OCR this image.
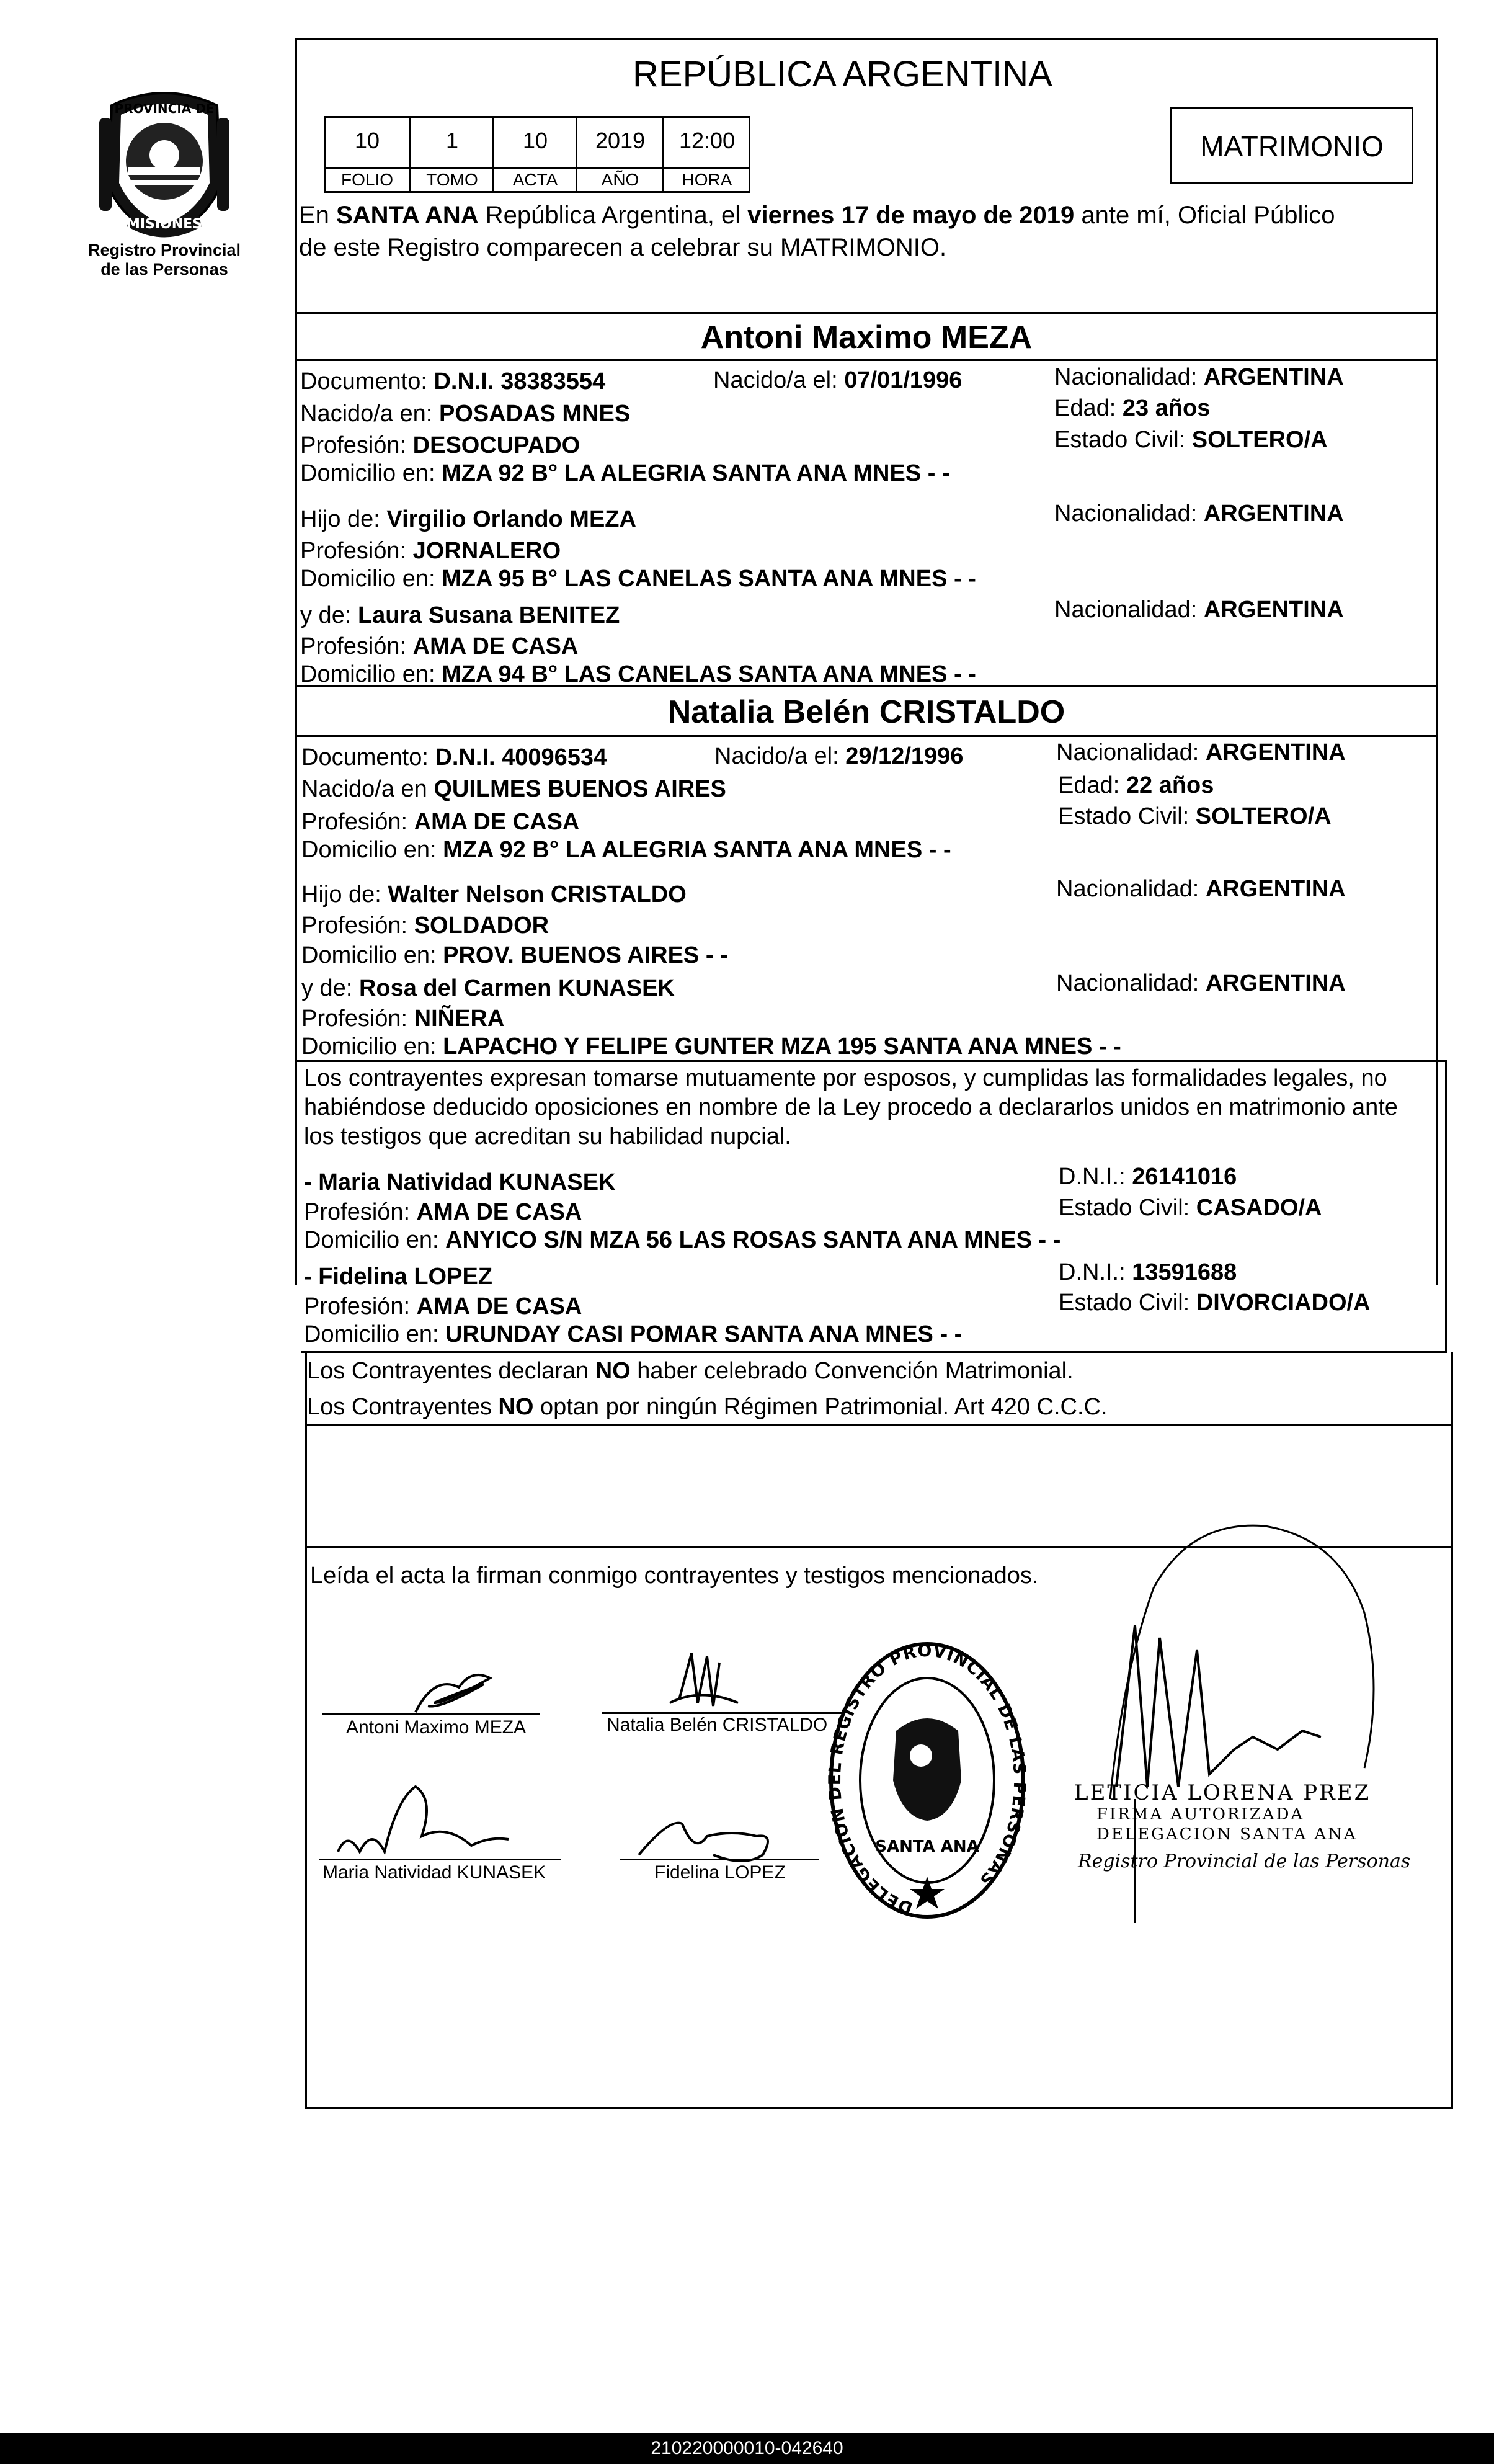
PROVINCIA DE
MISIONES
Registro Provincial
de las Personas
REPÚBLICA ARGENTINA
10	1	10	2019	12:00
FOLIO	TOMO	ACTA	AÑO	HORA
MATRIMONIO
En SANTA ANA República Argentina, el viernes 17 de mayo de 2019 ante mí, Oficial Público
de este Registro comparecen a celebrar su MATRIMONIO.
Antoni Maximo MEZA
Documento: D.N.I. 38383554	Nacido/a el: 07/01/1996	Nacionalidad: ARGENTINA
Nacido/a en: POSADAS MNES	Edad: 23 años
Profesión: DESOCUPADO	Estado Civil: SOLTERO/A
Domicilio en: MZA 92 B° LA ALEGRIA SANTA ANA MNES - -
Hijo de: Virgilio Orlando MEZA	Nacionalidad: ARGENTINA
Profesión: JORNALERO
Domicilio en: MZA 95 B° LAS CANELAS SANTA ANA MNES - -
y de: Laura Susana BENITEZ	Nacionalidad: ARGENTINA
Profesión: AMA DE CASA
Domicilio en: MZA 94 B° LAS CANELAS SANTA ANA MNES - -
Natalia Belén CRISTALDO
Documento: D.N.I. 40096534	Nacido/a el: 29/12/1996	Nacionalidad: ARGENTINA
Nacido/a en QUILMES BUENOS AIRES	Edad: 22 años
Profesión: AMA DE CASA	Estado Civil: SOLTERO/A
Domicilio en: MZA 92 B° LA ALEGRIA SANTA ANA MNES - -
Hijo de: Walter Nelson CRISTALDO	Nacionalidad: ARGENTINA
Profesión: SOLDADOR
Domicilio en: PROV. BUENOS AIRES - -
y de: Rosa del Carmen KUNASEK	Nacionalidad: ARGENTINA
Profesión: NIÑERA
Domicilio en: LAPACHO Y FELIPE GUNTER MZA 195 SANTA ANA MNES - -
Los contrayentes expresan tomarse mutuamente por esposos, y cumplidas las formalidades legales, no
habiéndose deducido oposiciones en nombre de la Ley procedo a declararlos unidos en matrimonio ante
los testigos que acreditan su habilidad nupcial.
- Maria Natividad KUNASEK	D.N.I.: 26141016
Profesión: AMA DE CASA	Estado Civil: CASADO/A
Domicilio en: ANYICO S/N MZA 56 LAS ROSAS SANTA ANA MNES - -
- Fidelina LOPEZ	D.N.I.: 13591688
Profesión: AMA DE CASA	Estado Civil: DIVORCIADO/A
Domicilio en: URUNDAY CASI POMAR SANTA ANA MNES - -
Los Contrayentes declaran NO haber celebrado Convención Matrimonial.
Los Contrayentes NO optan por ningún Régimen Patrimonial. Art 420 C.C.C.
Leída el acta la firman conmigo contrayentes y testigos mencionados.
Antoni Maximo MEZA	Natalia Belén CRISTALDO
Maria Natividad KUNASEK	Fidelina LOPEZ
DELEGACION REGISTRO PROVINCIAL DE LA ERSONAS
SANTA ANA
LETICIA LORENA PREZ
FIRMA AUTORIZADA
DELEGACION SANTA ANA
Registro Provincial de las Personas
210220000010-042640
